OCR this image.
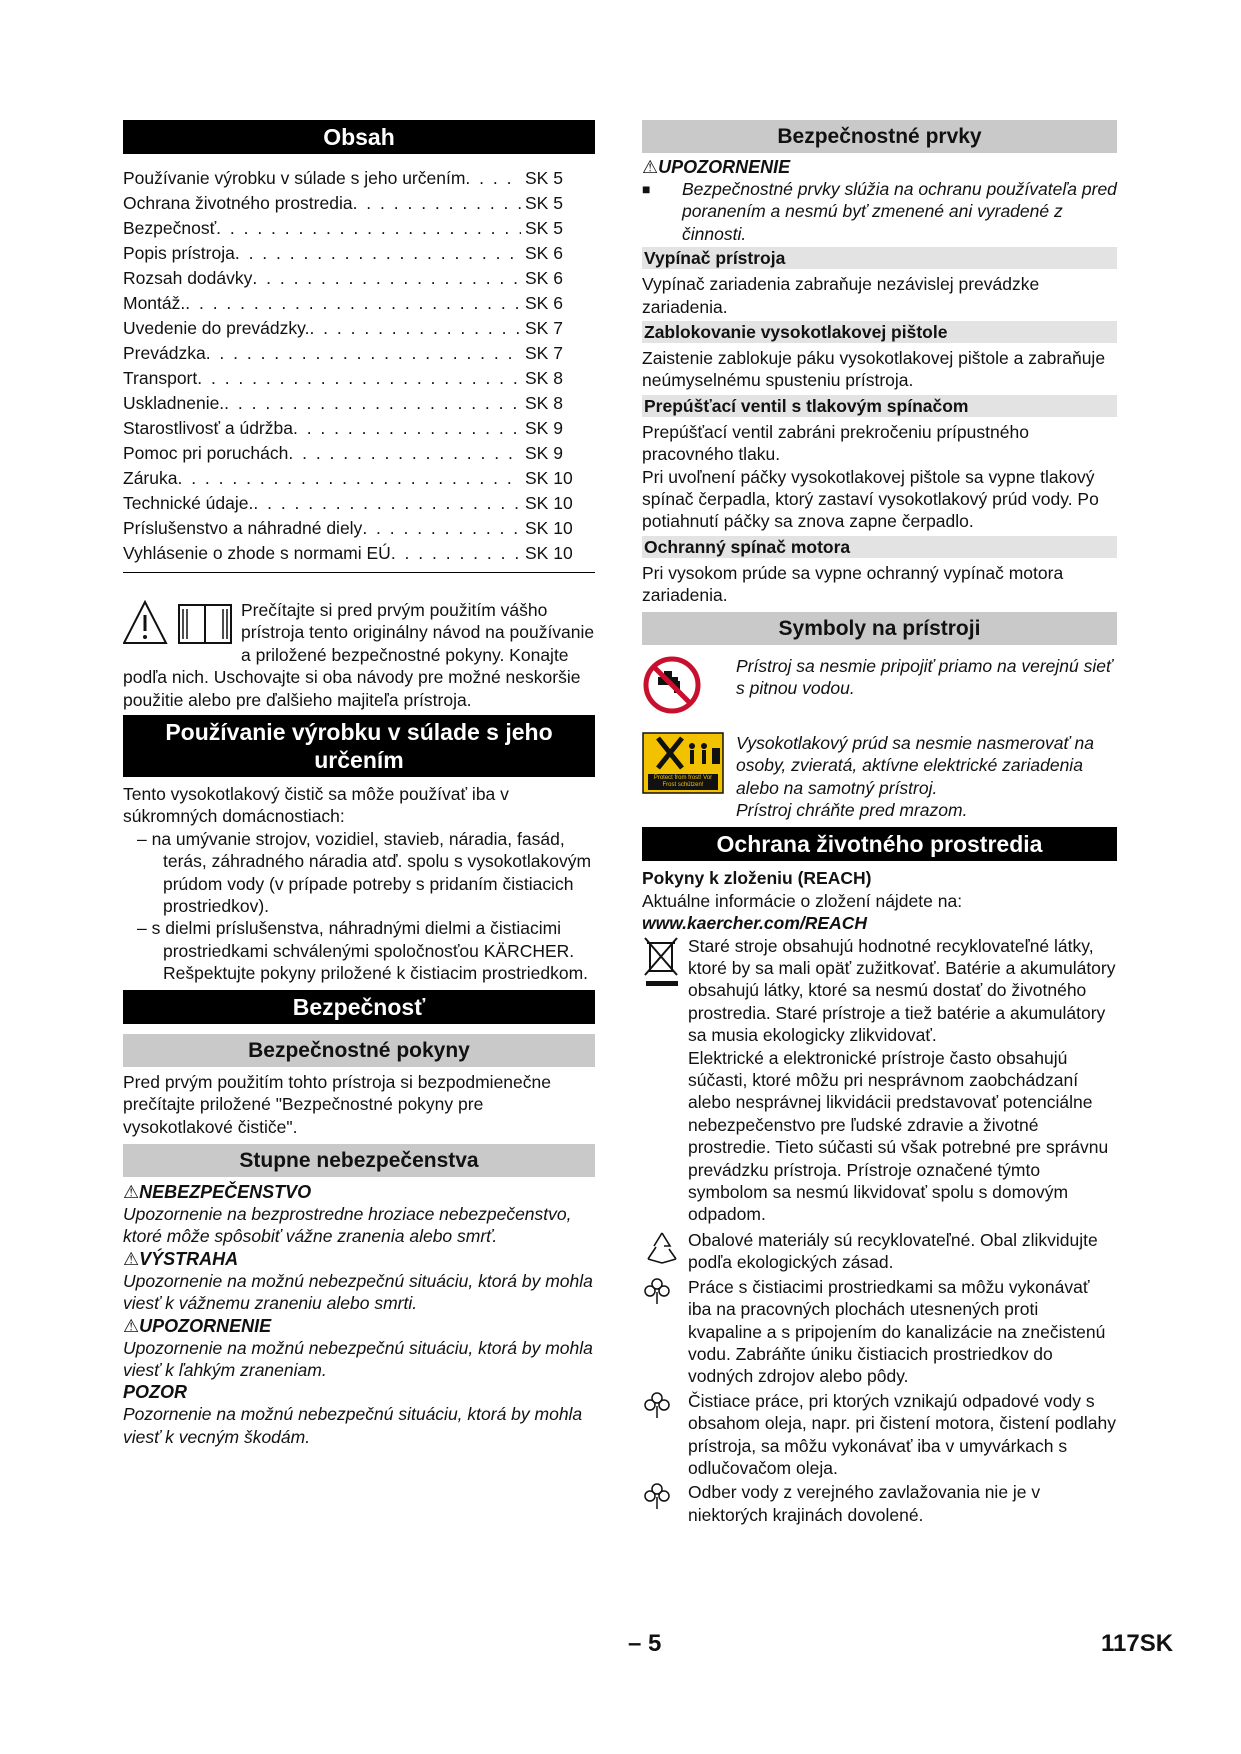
Obsah
Používanie výrobku v súlade s jeho určením . . .	SK 5
Ochrana životného prostredia . . .	SK 5
Bezpečnosť . . .	SK 5
Popis prístroja . . .	SK 6
Rozsah dodávky . . .	SK 6
Montáž. . . .	SK 6
Uvedenie do prevádzky. . . .	SK 7
Prevádzka . . .	SK 7
Transport . . .	SK 8
Uskladnenie. . . .	SK 8
Starostlivosť a údržba . . .	SK 9
Pomoc pri poruchách . . .	SK 9
Záruka . . .	SK 10
Technické údaje. . . .	SK 10
Príslušenstvo a náhradné diely . . .	SK 10
Vyhlásenie o zhode s normami EÚ . . .	SK 10

Prečítajte si pred prvým použitím vášho prístroja tento originálny návod na používanie a priložené bezpečnostné pokyny. Konajte podľa nich. Uschovajte si oba návody pre možné neskoršie použitie alebo pre ďalšieho majiteľa prístroja.

Používanie výrobku v súlade s jeho určením

Tento vysokotlakový čistič sa môže používať iba v súkromných domácnostiach:

– na umývanie strojov, vozidiel, stavieb, náradia, fasád, terás, záhradného náradia atď. spolu s vysokotlakovým prúdom vody (v prípade potreby s pridaním čistiacich prostriedkov).

– s dielmi príslušenstva, náhradnými dielmi a čistiacimi prostriedkami schválenými spoločnosťou KÄRCHER. Rešpektujte pokyny priložené k čistiacim prostriedkom.

Bezpečnosť
Bezpečnostné pokyny

Pred prvým použitím tohto prístroja si bezpodmienečne prečítajte priložené "Bezpečnostné pokyny pre vysokotlakové čističe".

Stupne nebezpečenstva
⚠NEBEZPEČENSTVO

Upozornenie na bezprostredne hroziace nebezpečenstvo, ktoré môže spôsobiť vážne zranenia alebo smrť.

⚠VÝSTRAHA

Upozornenie na možnú nebezpečnú situáciu, ktorá by mohla viesť k vážnemu zraneniu alebo smrti.

⚠UPOZORNENIE

Upozornenie na možnú nebezpečnú situáciu, ktorá by mohla viesť k ľahkým zraneniam.

POZOR

Pozornenie na možnú nebezpečnú situáciu, ktorá by mohla viesť k vecným škodám.

Bezpečnostné prvky
⚠UPOZORNENIE
■	Bezpečnostné prvky slúžia na ochranu používateľa pred poranením a nesmú byť zmenené ani vyradené z činnosti.

Vypínač prístroja

Vypínač zariadenia zabraňuje nezávislej prevádzke zariadenia.

Zablokovanie vysokotlakovej pištole

Zaistenie zablokuje páku vysokotlakovej pištole a zabraňuje neúmyselnému spusteniu prístroja.

Prepúšťací ventil s tlakovým spínačom

Prepúšťací ventil zabráni prekročeniu prípustného pracovného tlaku.

Pri uvoľnení páčky vysokotlakovej pištole sa vypne tlakový spínač čerpadla, ktorý zastaví vysokotlakový prúd vody. Po potiahnutí páčky sa znova zapne čerpadlo.

Ochranný spínač motora

Pri vysokom prúde sa vypne ochranný vypínač motora zariadenia.

Symboly na prístroji

Prístroj sa nesmie pripojiť priamo na verejnú sieť s pitnou vodou.

Protect from frost! Vor Frost schützen!

Vysokotlakový prúd sa nesmie nasmerovať na osoby, zvieratá, aktívne elektrické zariadenia alebo na samotný prístroj.

Prístroj chráňte pred mrazom.

Ochrana životného prostredia
Pokyny k zloženiu (REACH)

Aktuálne informácie o zložení nájdete na:

www.kaercher.com/REACH

Staré stroje obsahujú hodnotné recyklovateľné látky, ktoré by sa mali opäť zužitkovať. Batérie a akumulátory obsahujú látky, ktoré sa nesmú dostať do životného prostredia. Staré prístroje a tiež batérie a akumulátory sa musia ekologicky zlikvidovať.

Elektrické a elektronické prístroje často obsahujú súčasti, ktoré môžu pri nesprávnom zaobchádzaní alebo nesprávnej likvidácii predstavovať potenciálne nebezpečenstvo pre ľudské zdravie a životné prostredie. Tieto súčasti sú však potrebné pre správnu prevádzku prístroja. Prístroje označené týmto symbolom sa nesmú likvidovať spolu s domovým odpadom.

Obalové materiály sú recyklovateľné. Obal zlikvidujte podľa ekologických zásad.

Práce s čistiacimi prostriedkami sa môžu vykonávať iba na pracovných plochách utesnených proti kvapaline a s pripojením do kanalizácie na znečistenú vodu. Zabráňte úniku čistiacich prostriedkov do vodných zdrojov alebo pôdy.

Čistiace práce, pri ktorých vznikajú odpadové vody s obsahom oleja, napr. pri čistení motora, čistení podlahy prístroja, sa môžu vykonávať iba v umyvárkach s odlučovačom oleja.

Odber vody z verejného zavlažovania nie je v niektorých krajinách dovolené.

– 5	117SK
